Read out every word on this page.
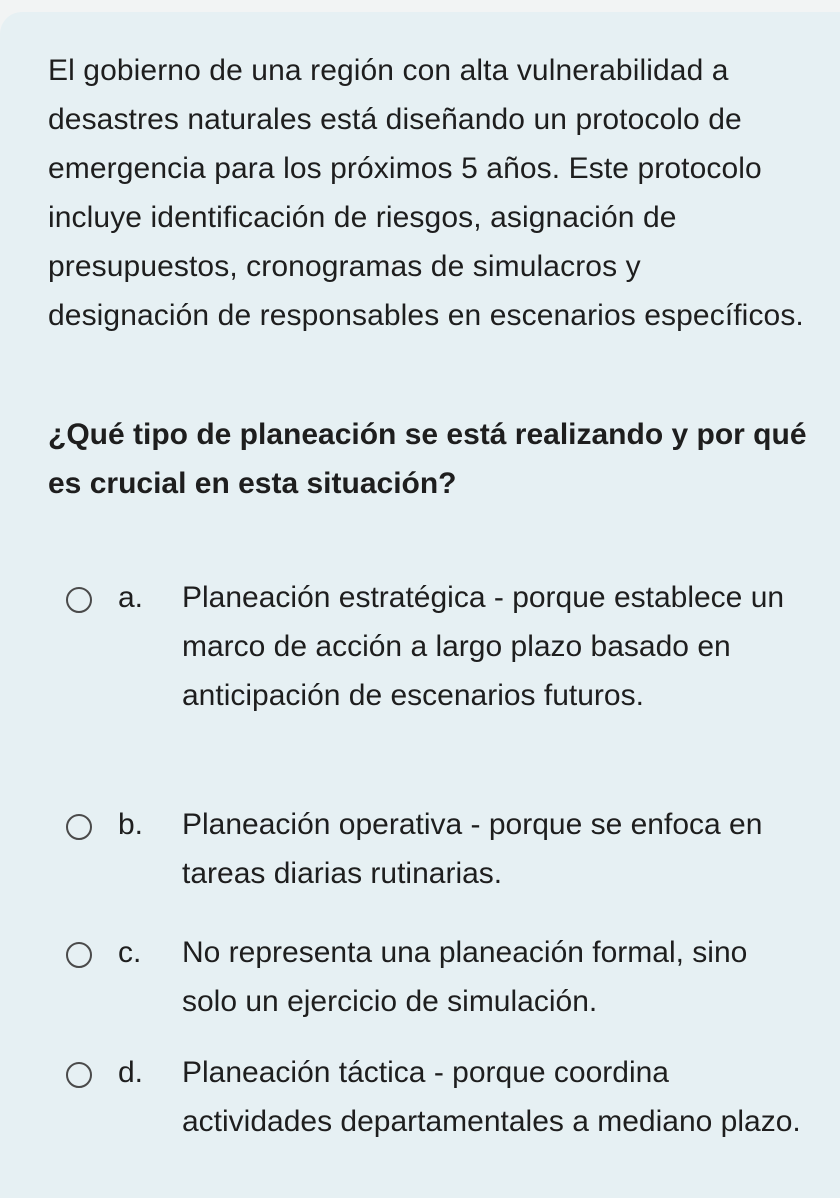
El gobierno de una región con alta vulnerabilidad a desastres naturales está diseñando un protocolo de emergencia para los próximos 5 años. Este protocolo incluye identificación de riesgos, asignación de presupuestos, cronogramas de simulacros y designación de responsables en escenarios específicos.

¿Qué tipo de planeación se está realizando y por qué es crucial en esta situación?

a. Planeación estratégica - porque establece un marco de acción a largo plazo basado en anticipación de escenarios futuros.
b. Planeación operativa - porque se enfoca en tareas diarias rutinarias.
c. No representa una planeación formal, sino solo un ejercicio de simulación.
d. Planeación táctica - porque coordina actividades departamentales a mediano plazo.
